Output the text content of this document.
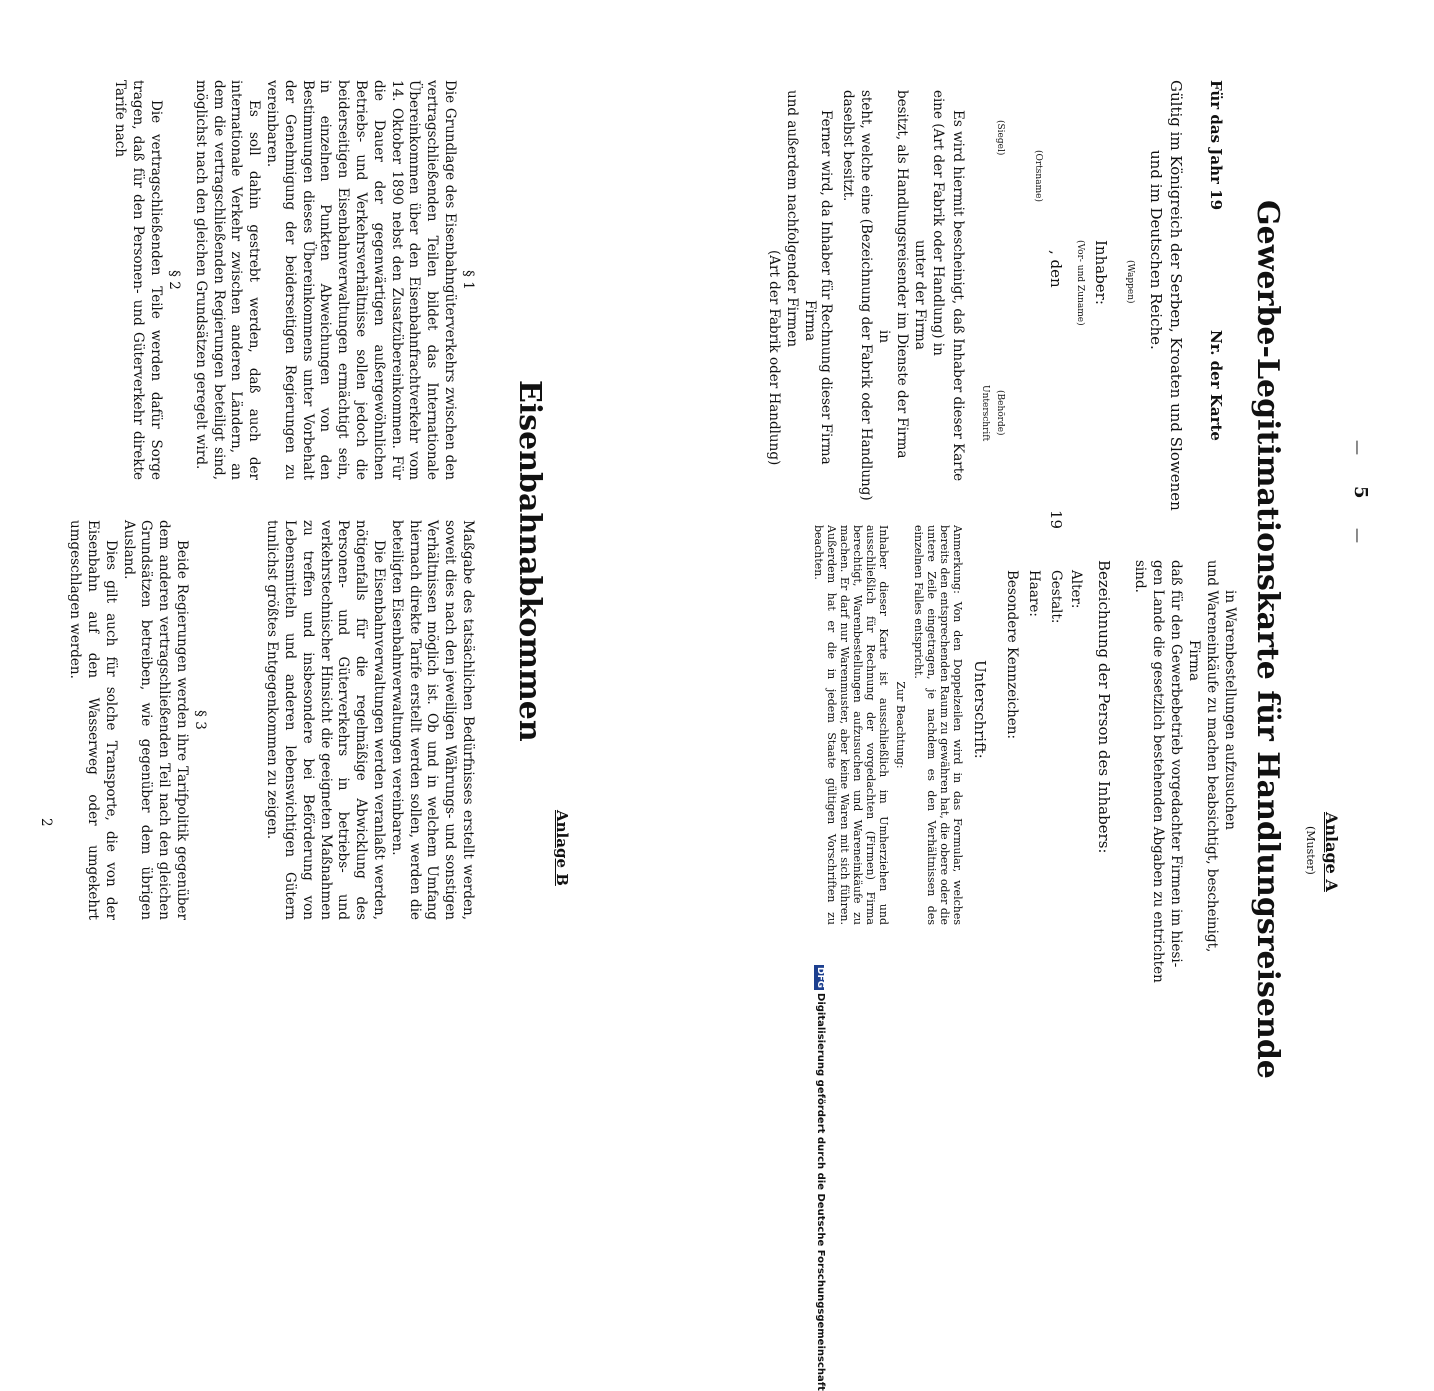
5
—
—
Anlage A
(Muster)
Gewerbe-Legitimationskarte für Handlungsreisende
Für das Jahr 19
Nr. der Karte
Gültig im Königreich der Serben, Kroaten und Slowenen
und im Deutschen Reiche.
(Wappen)
Inhaber:
(Vor- und Zuname)
, den
19
(Ortsname)
(Siegel)
(Behörde)
Unterschrift
Es wird hiermit bescheinigt, daß Inhaber dieser Karte
eine (Art der Fabrik oder Handlung) in
unter der Firma
besitzt, als Handlungsreisender im Dienste der Firma
in
steht, welche eine (Bezeichnung der Fabrik oder Handlung)
daselbst besitzt.
Ferner wird, da Inhaber für Rechnung dieser Firma
Firma
und außerdem nachfolgender Firmen
(Art der Fabrik oder Handlung)
in Warenbestellungen aufzusuchen
und Wareneinkäufe zu machen beabsichtigt, bescheinigt,
Firma
daß für den Gewerbebetrieb vorgedachter Firmen im hiesi-
gen Lande die gesetzlich bestehenden Abgaben zu entrichten
sind.
Bezeichnung der Person des Inhabers:
Alter:
Gestalt:
Haare:
Besondere Kennzeichen:
Unterschrift:

Anmerkung: Von den Doppelzeilen wird in das Formular, welches bereits den entsprechenden Raum zu gewähren hat, die obere oder die untere Zeile eingetragen, je nachdem es den Verhältnissen des einzelnen Falles entspricht.

Zur Beachtung:

Inhaber dieser Karte ist ausschließlich im Umherziehen und ausschließlich für Rechnung der vorgedachten (Firmen) Firma berechtigt, Warenbestellungen aufzusuchen und Wareneinkäufe zu machen. Er darf nur Warenmuster, aber keine Waren mit sich führen. Außerdem hat er die in jedem Staate gültigen Vorschriften zu beachten.

Eisenbahnabkommen
Anlage B
§ 1

Die Grundlage des Eisenbahngüterverkehrs zwischen den vertragschließenden Teilen bildet das Internationale Übereinkommen über den Eisenbahnfrachtverkehr vom 14. Oktober 1890 nebst den Zusatzübereinkommen. Für die Dauer der gegenwärtigen außergewöhnlichen Betriebs- und Verkehrsverhältnisse sollen jedoch die beiderseitigen Eisenbahnverwaltungen ermächtigt sein, in einzelnen Punkten Abweichungen von den Bestimmungen dieses Übereinkommens unter Vorbehalt der Genehmigung der beiderseitigen Regierungen zu vereinbaren.

Es soll dahin gestrebt werden, daß auch der internationale Verkehr zwischen anderen Ländern, an dem die vertragschließenden Regierungen beteiligt sind, möglichst nach den gleichen Grundsätzen geregelt wird.

§ 2

Die vertragschließenden Teile werden dafür Sorge tragen, daß für den Personen- und Güterverkehr direkte Tarife nach

Maßgabe des tatsächlichen Bedürfnisses erstellt werden, soweit dies nach den jeweiligen Währungs- und sonstigen Verhältnissen möglich ist. Ob und in welchem Umfang hiernach direkte Tarife erstellt werden sollen, werden die beteiligten Eisenbahnverwaltungen vereinbaren.

Die Eisenbahnverwaltungen werden veranlaßt werden, nötigenfalls für die regelmäßige Abwicklung des Personen- und Güterverkehrs in betriebs- und verkehrstechnischer Hinsicht die geeigneten Maßnahmen zu treffen und insbesondere bei Beförderung von Lebensmitteln und anderen lebenswichtigen Gütern tunlichst größtes Entgegenkommen zu zeigen.

§ 3

Beide Regierungen werden ihre Tarifpolitik gegenüber dem anderen vertragschließenden Teil nach den gleichen Grundsätzen betreiben, wie gegenüber dem übrigen Ausland.

Dies gilt auch für solche Transporte, die von der Eisenbahn auf den Wasserweg oder umgekehrt umgeschlagen werden.

2
DFGDigitalisierung gefördert durch die Deutsche Forschungsgemeinschaft
